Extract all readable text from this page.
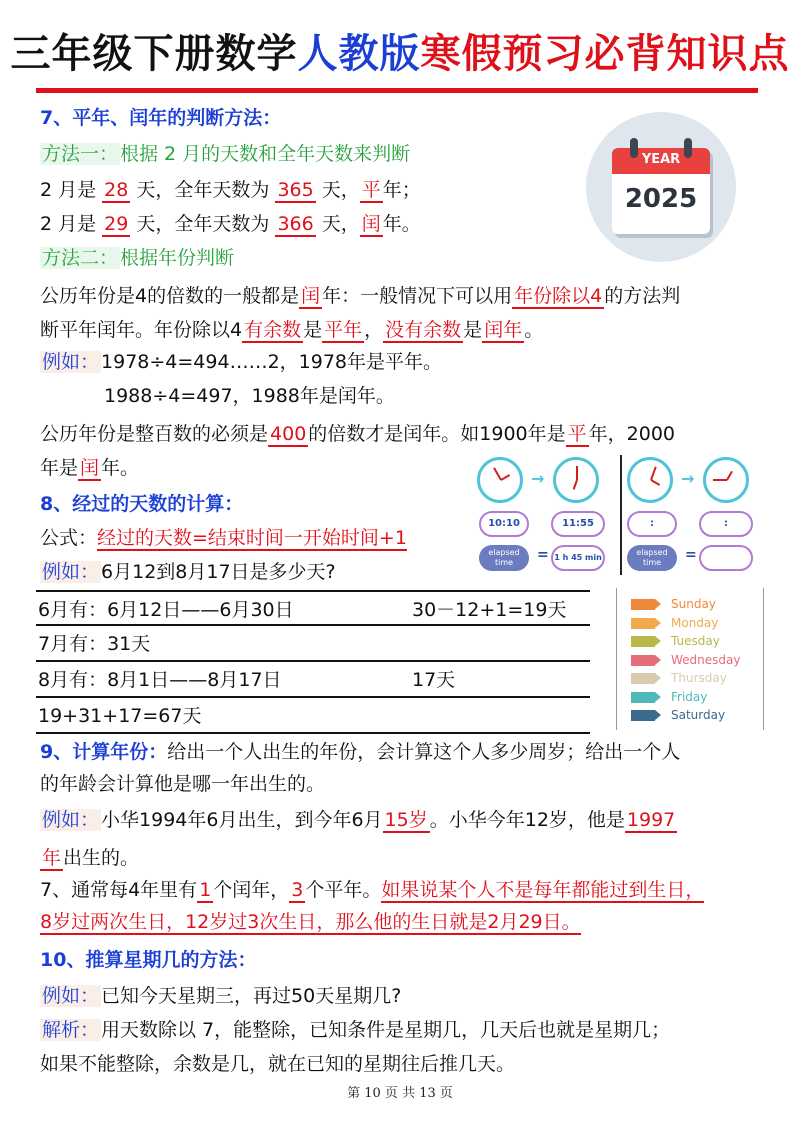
三年级下册数学人教版寒假预习必背知识点
7、平年、闰年的判断方法：
方法一： 根据 2 月的天数和全年天数来判断
2 月是 28 天，全年天数为 365 天， 平 年；
2 月是 29 天，全年天数为 366 天， 闰 年。
方法二： 根据年份判断
公历年份是4的倍数的一般都是 闰 年：一般情况下可以用 年份除以4 的方法判
断平年闰年。年份除以4 有余数 是 平年 ， 没有余数 是 闰年 。
例如： 1978÷4=494……2，1978年是平年。
1988÷4=497，1988年是闰年。
公历年份是整百数的必须是 400 的倍数才是闰年。如1900年是 平 年，2000
年是 闰 年。
YEAR
2025
→	→
10:10	11:55	:	:
elapsed time	= 1 h 45 min
elapsed time	=
8、经过的天数的计算：
公式：经过的天数=结束时间一开始时间+1
例如： 6月12到8月17日是多少天?
6月有：6月12日——6月30日	30－12+1=19天
7月有：31天
8月有：8月1日——8月17日	17天
19+31+17=67天
Sunday
Monday
Tuesday
Wednesday
Thursday
Friday
Saturday
9、计算年份：给出一个人出生的年份，会计算这个人多少周岁；给出一个人
的年龄会计算他是哪一年出生的。
例如： 小华1994年6月出生，到今年6月 15岁 。小华今年12岁，他是 1997
年 出生的。
7、通常每4年里有 1 个闰年， 3 个平年。如果说某个人不是每年都能过到生日，
8岁过两次生日，12岁过3次生日，那么他的生日就是2月29日。
10、推算星期几的方法：
例如： 已知今天星期三，再过50天星期几?
解析： 用天数除以 7，能整除，已知条件是星期几，几天后也就是星期几；
如果不能整除，余数是几，就在已知的星期往后推几天。
第 10 页 共 13 页
